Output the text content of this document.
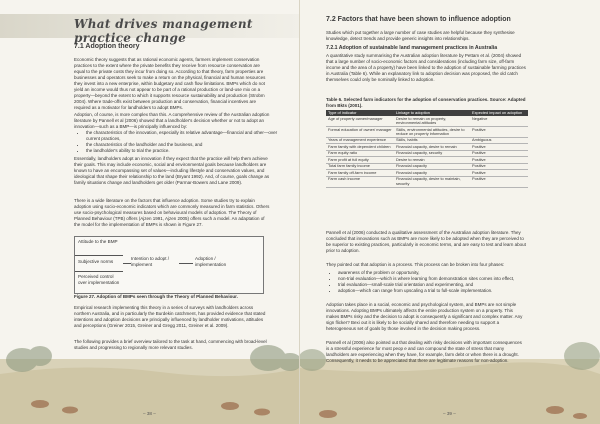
What drives management practice change
7.1 Adoption theory
Economic theory suggests that as rational economic agents, farmers implement conservation practices to the extent where the private benefits they receive from resource conservation are equal to the private costs they incur from doing so. According to that theory, farm properties are businesses and operators seek to make a return on the physical, financial and human resources they invest into a new enterprise, within budgetary and cash flow limitations. BMPs which do not yield an income would thus not appear to be part of a rational production or land-use mix on a property—beyond the extent to which it supports resource sustainability and production (Strobm 2004). Where trade-offs exist between production and conservation, financial incentives are required as a motivator for landholders to adopt BMPs.
Adoption, of course, is more complex than this. A comprehensive review of the Australian adoption literature by Pannell et al (2006) showed that a landholder's decision whether or not to adopt an innovation—such as a BMP—is principally influenced by:
• the characteristics of the innovation, especially its relative advantage—financial and other—over current practices,
• the characteristics of the landholder and the business, and
• the landholder's ability to trial the practice.
Essentially, landholders adopt an innovation if they expect that the practice will help them achieve their goals. This may include economic, social and environmental goals because landholders are known to have an encompassing set of values—including lifestyle and conservation values, and ideological that shape their relationship to the land (Bryant 1992). And, of course, goals change as family situations change and landholders get older (Parmar-Bowers and Lane 2009).
There is a wide literature on the factors that influence adoption. Some studies try to explain adoption using socio-economic indicators which are commonly measured in farm statistics. Others use socio-psychological measures based on behavioural models of adoption. The Theory of Planned Behaviour (TPB) offers (Ajzen 1991, Ajzen 2005) offers such a model. An adaptation of the model for the implementation of BMPs is shown in Figure 27.
Attitude to the BMP
Subjective norms
Perceived control over implementation
Intention to adopt / implement
Adoption / implementation
Figure 27. Adoption of BMPs seen through the Theory of Planned Behaviour.
Empirical research implementing this theory in a series of surveys with landholders across northern Australia, and in particularly the Burdekin catchment, has provided evidence that stated intentions and adoption decisions are principally influenced by landholder motivations, attitudes and perceptions (Greiner 2015, Greiner and Gregg 2011, Greiner et al. 2009).
The following provides a brief overview tailored to the task at hand, commencing with broad-level studies and progressing to regionally more relevant studies.
– 38 –
7.2 Factors that have been shown to influence adoption
Studies which put together a large number of case studies are helpful because they synthesise knowledge, detect trends and provide generic insights into relationships.
7.2.1 Adoption of sustainable land management practices in Australia
A quantitative study summarising the Australian adoption literature by Pettam et al. (2004) showed that a large number of socio-economic factors and considerations (including farm size, off-farm income and the area of a property) have been linked to the adoption of sustainable farming practices in Australia (Table 6). While an explanatory link to adoption decision was proposed, the old catch themselves could only be nominally linked to adoption.
Table 6. Selected farm indicators for the adoption of conservation practices. Source: Adapted from Bkts (2001).
Type of indicator	Linkage to adoption	Expected impact on adoption
Age of property owner/manager	Desire to remain on property, environmental attitudes	Negative
Formal education of owner/ manager	Skills, environmental attitudes, desire to reduce on property information	Positive
Years of management experience	Skills, habits	Ambiguous
Farm family with dependent children	Financial capacity, desire to remain	Positive
Farm equity ratio	Financial capacity, security	Positive
Farm profit at full equity	Desire to remain	Positive
Total farm family income	Financial capacity	Positive
Farm family off-farm income	Financial capacity	Positive
Farm cash income	Financial capacity, desire to maintain, security	Positive
Pannell et al (2006) conducted a qualitative assessment of the Australian adoption literature. They concluded that innovations such as BMPs are more likely to be adopted when they are perceived to be superior to existing practices, particularly in economic terms, and are easy to test and learn about prior to adoption.
They pointed out that adoption is a process. This process can be broken into four phases:
• awareness of the problem or opportunity,
• non-trial evaluation—which is where learning from demonstration sites comes into effect,
• trial evaluation—small-scale trial orientation and experimenting, and
• adoption—which can range from upscaling a trial to full-scale implementation.
Adoption takes place in a social, economic and psychological system, and BMPs are not simple innovations. Adopting BMPs ultimately affects the entire production system on a property. This makes BMPs risky and the decision to adopt is consequently a significant and complex matter. Any sign flicker? Bexi out it is likely to be socially shared and therefore needing to support a heterogeneous set of goals by those involved in the decision making process.
Pannell et al (2006) also pointed out that dealing with risky decisions with important consequences is a stressful experience for most peop e and can compound the state of stress that many landholders are experiencing when they have, for example, farm debt or when there is a drought. Consequently, it needs to be appreciated that there are legitimate reasons for non-adoption.
– 39 –
